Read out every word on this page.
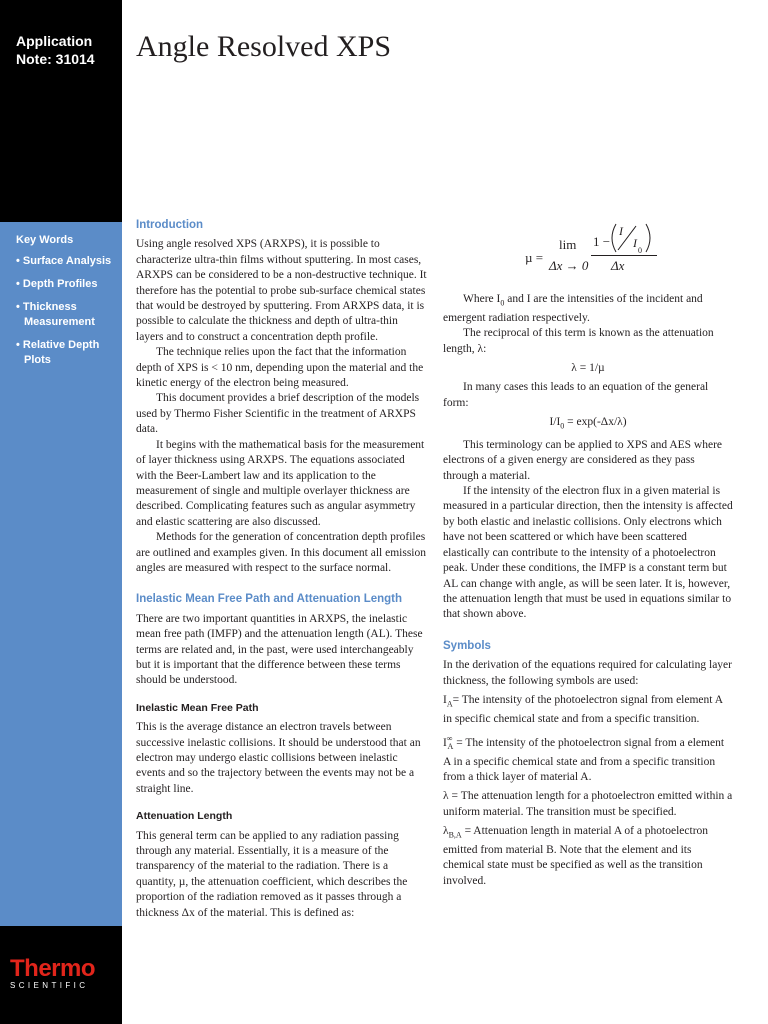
Application
Note: 31014
Key Words
• Surface Analysis
• Depth Profiles
• Thickness Measurement
• Relative Depth Plots
Thermo
SCIENTIFIC
Angle Resolved XPS
Introduction

Using angle resolved XPS (ARXPS), it is possible to characterize ultra-thin films without sputtering. In most cases, ARXPS can be considered to be a non-destructive technique. It therefore has the potential to probe sub-surface chemical states that would be destroyed by sputtering. From ARXPS data, it is possible to calculate the thickness and depth of ultra-thin layers and to construct a concentration depth profile.

The technique relies upon the fact that the information depth of XPS is < 10 nm, depending upon the material and the kinetic energy of the electron being measured.

This document provides a brief description of the models used by Thermo Fisher Scientific in the treatment of ARXPS data.

It begins with the mathematical basis for the measurement of layer thickness using ARXPS. The equations associated with the Beer-Lambert law and its application to the measurement of single and multiple overlayer thickness are described. Complicating features such as angular asymmetry and elastic scattering are also discussed.

Methods for the generation of concentration depth profiles are outlined and examples given. In this document all emission angles are measured with respect to the surface normal.

Inelastic Mean Free Path and Attenuation Length

There are two important quantities in ARXPS, the inelastic mean free path (IMFP) and the attenuation length (AL). These terms are related and, in the past, were used interchangeably but it is important that the difference between these terms should be understood.

Inelastic Mean Free Path

This is the average distance an electron travels between successive inelastic collisions. It should be understood that an electron may undergo elastic collisions between inelastic events and so the trajectory between the events may not be a straight line.

Attenuation Length

This general term can be applied to any radiation passing through any material. Essentially, it is a measure of the transparency of the material to the radiation. There is a quantity, µ, the attenuation coefficient, which describes the proportion of the radiation removed as it passes through a thickness Δx of the material. This is defined as:

µ =
lim
Δx → 0
1 −
I
I
0
Δx

Where $I_0$ and I are the intensities of the incident and emergent radiation respectively.

The reciprocal of this term is known as the attenuation length, λ:

λ = 1/µ

In many cases this leads to an equation of the general form:

$I/I_0 = \exp(-\Delta x/\lambda)$

This terminology can be applied to XPS and AES where electrons of a given energy are considered as they pass through a material.

If the intensity of the electron flux in a given material is measured in a particular direction, then the intensity is affected by both elastic and inelastic collisions. Only electrons which have not been scattered or which have been scattered elastically can contribute to the intensity of a photoelectron peak. Under these conditions, the IMFP is a constant term but AL can change with angle, as will be seen later. It is, however, the attenuation length that must be used in equations similar to that shown above.

Symbols

In the derivation of the equations required for calculating layer thickness, the following symbols are used:

$I_A=$ The intensity of the photoelectron signal from element A in specific chemical state and from a specific transition.

$I^\infty_A$ = The intensity of the photoelectron signal from a element A in a specific chemical state and from a specific transition from a thick layer of material A.

λ = The attenuation length for a photoelectron emitted within a uniform material. The transition must be specified.

$\lambda_{B,A}$ = Attenuation length in material A of a photoelectron emitted from material B. Note that the element and its chemical state must be specified as well as the transition involved.
